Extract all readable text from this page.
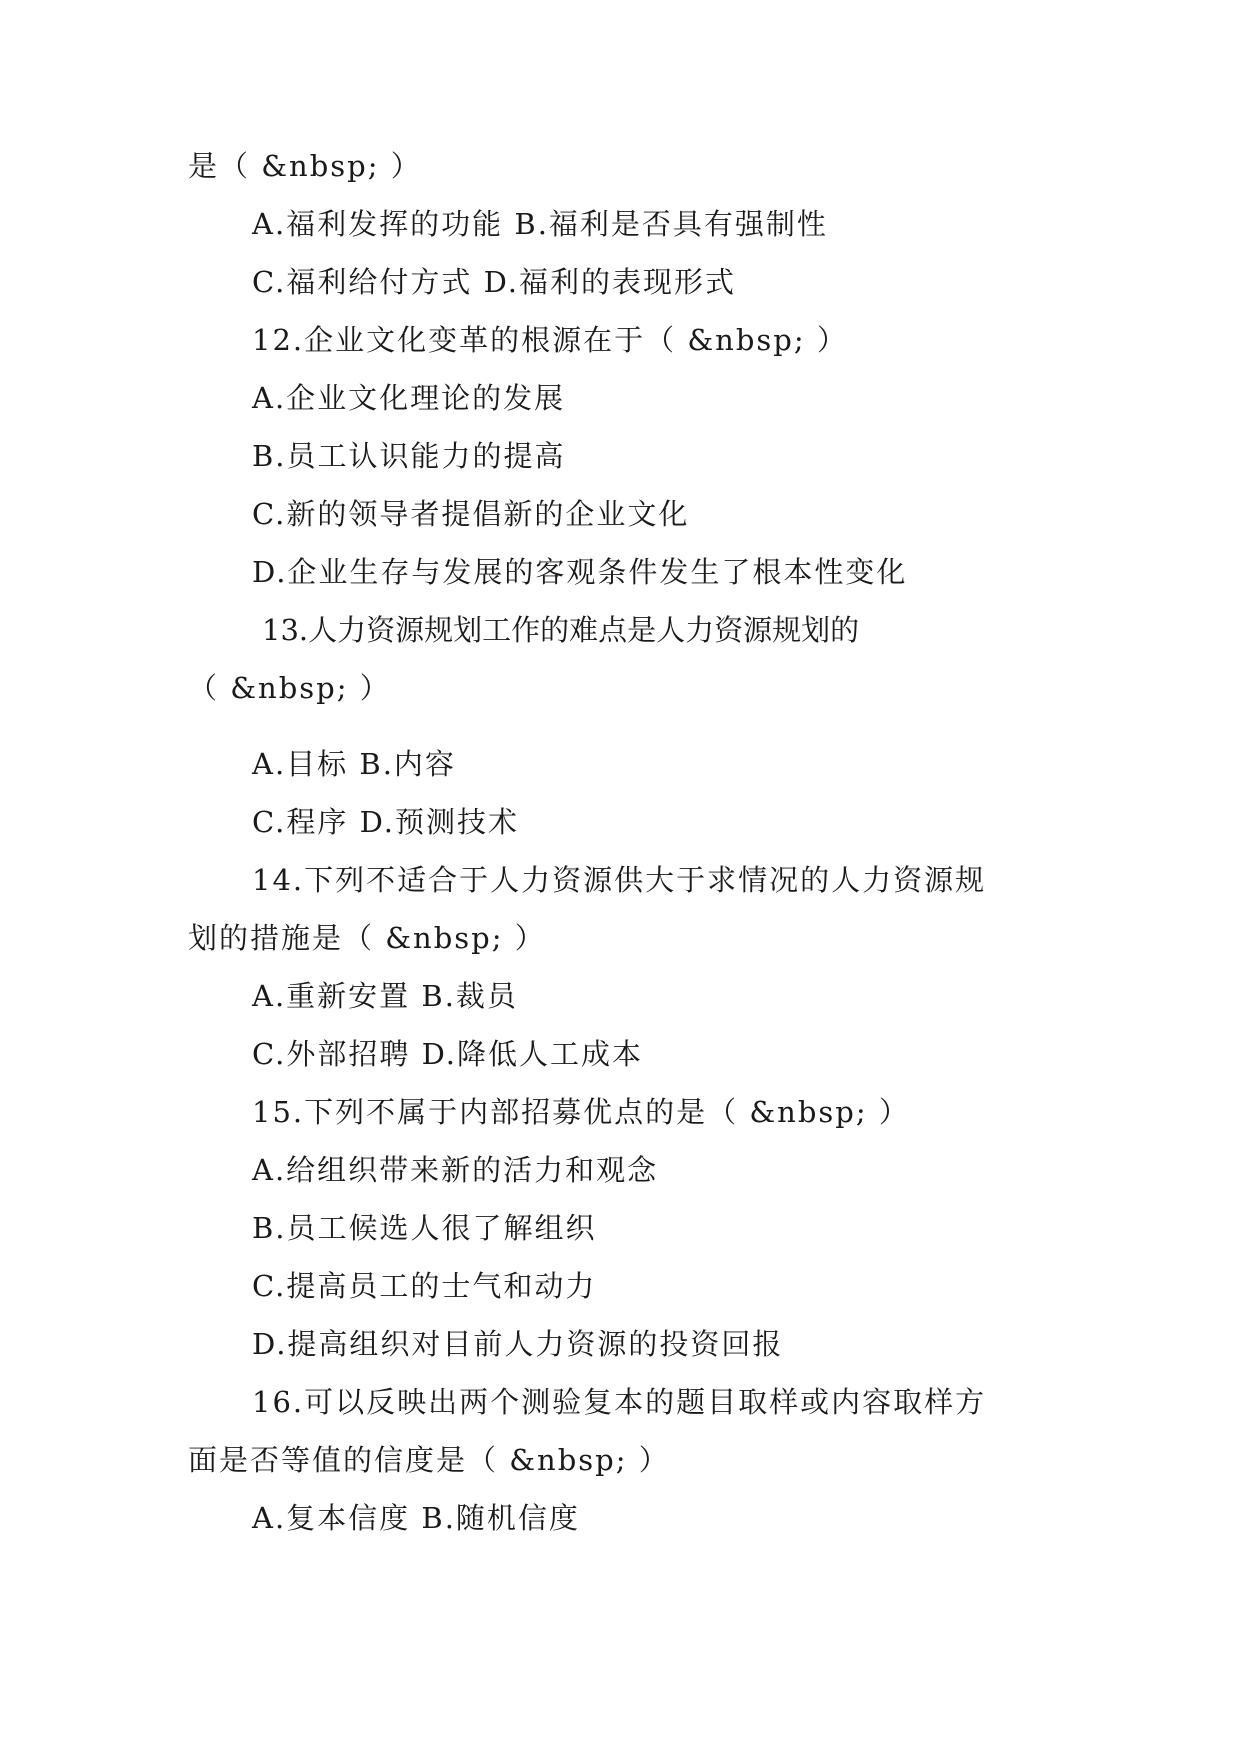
是（ &nbsp; ）
A.福利发挥的功能 B.福利是否具有强制性
C.福利给付方式 D.福利的表现形式
12.企业文化变革的根源在于（ &nbsp; ）
A.企业文化理论的发展
B.员工认识能力的提高
C.新的领导者提倡新的企业文化
D.企业生存与发展的客观条件发生了根本性变化
13.人力资源规划工作的难点是人力资源规划的
（ &nbsp; ）
A.目标 B.内容
C.程序 D.预测技术
14.下列不适合于人力资源供大于求情况的人力资源规
划的措施是（ &nbsp; ）
A.重新安置 B.裁员
C.外部招聘 D.降低人工成本
15.下列不属于内部招募优点的是（ &nbsp; ）
A.给组织带来新的活力和观念
B.员工候选人很了解组织
C.提高员工的士气和动力
D.提高组织对目前人力资源的投资回报
16.可以反映出两个测验复本的题目取样或内容取样方
面是否等值的信度是（ &nbsp; ）
A.复本信度 B.随机信度
